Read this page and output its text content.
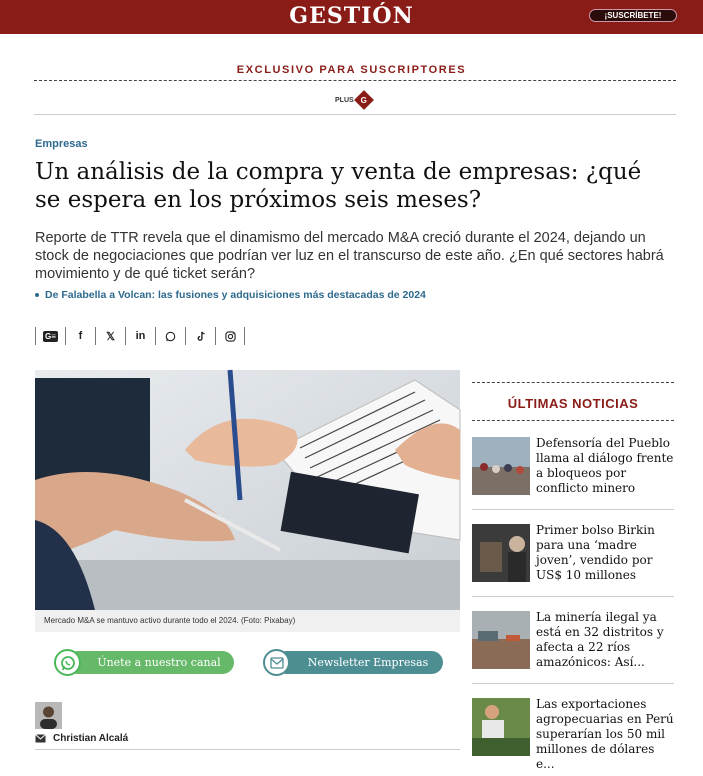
GESTIÓN	¡SUSCRÍBETE!
EXCLUSIVO PARA SUSCRIPTORES
PLUS G
Empresas
Un análisis de la compra y venta de empresas: ¿qué se espera en los próximos seis meses?

Reporte de TTR revela que el dinamismo del mercado M&A creció durante el 2024, dejando un stock de negociaciones que podrían ver luz en el transcurso de este año. ¿En qué sectores habrá movimiento y de qué ticket serán?

De Falabella a Volcan: las fusiones y adquisiciones más destacadas de 2024
G≡	f	𝕏	in
Mercado M&A se mantuvo activo durante todo el 2024. (Foto: Pixabay)
Únete a nuestro canal	Newsletter Empresas
Christian Alcalá
ÚLTIMAS NOTICIAS
Defensoría del Pueblo llama al diálogo frente a bloqueos por conflicto minero
Primer bolso Birkin para una ‘madre joven’, vendido por US$ 10 millones
La minería ilegal ya está en 32 distritos y afecta a 22 ríos amazónicos: Así...
Las exportaciones agropecuarias en Perú superarían los 50 mil millones de dólares e...
